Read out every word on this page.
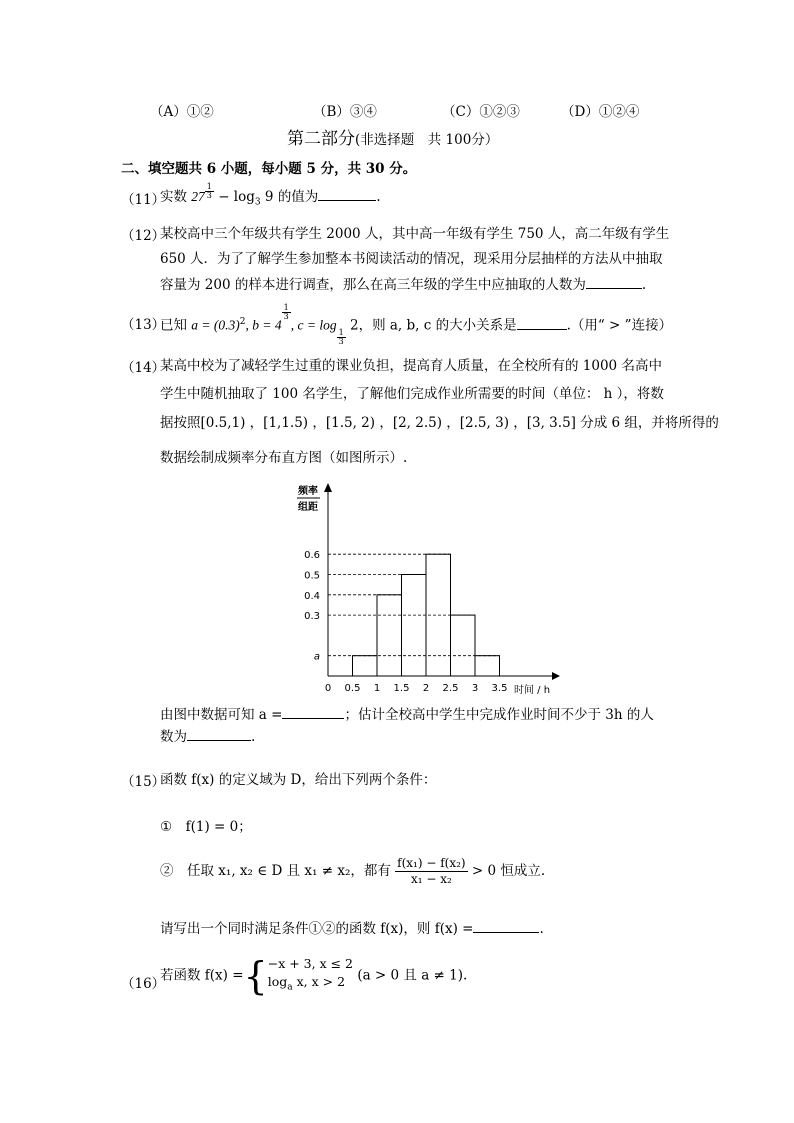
（A）①②	（B）③④	（C）①②③	（D）①②④
第二部分(非选择题　共 100分）
二、填空题共 6 小题，每小题 5 分，共 30 分。
（11）
实数 $27 \frac{1}{3} - \log_3 9$ 的值为	.
（12）
某校高中三个年级共有学生 2000 人，其中高一年级有学生 750 人，高二年级有学生
650 人．为了了解学生参加整本书阅读活动的情况，现采用分层抽样的方法从中抽取
容量为 200 的样本进行调查，那么在高三年级的学生中应抽取的人数为	.
（13）
已知 $a = (0.3)^2$, b = 4
$\frac{1}{3}$
, c = log
$\frac{1}{3}$
2，则 a, b, c 的大小关系是	.（用“ > ”连接）
（14）
某高中校为了减轻学生过重的课业负担，提高育人质量，在全校所有的 1000 名高中
学生中随机抽取了 100 名学生，了解他们完成作业所需要的时间（单位： h ），将数
据按照[0.5,1) ，[1,1.5) ，[1.5, 2) ，[2, 2.5) ，[2.5, 3) ，[3, 3.5] 分成 6 组，并将所得的
数据绘制成频率分布直方图（如图所示）.
频率
组距
时间 / h
0.6
0.5
0.4
0.3
a
0 0.5 1 1.5 2 2.5 3 3.5
由图中数据可知 a =	；估计全校高中学生中完成作业时间不少于 3h 的人
数为	.
（15）
函数 f(x) 的定义域为 D，给出下列两个条件：
①　f(1) = 0；
②　任取 x₁, x₂ ∈ D 且 x₁ ≠ x₂，都有 $\frac{\text{f(x₁) − f(x₂)}}{\text{x₁ − x₂}} > 0$ 恒成立.
请写出一个同时满足条件①②的函数 f(x)，则 f(x) =	.
（16）
若函数 f(x) ={ −x + 3, x ≤ 2
$\log_a x$, x > 2 (a > 0 且 a ≠ 1).
